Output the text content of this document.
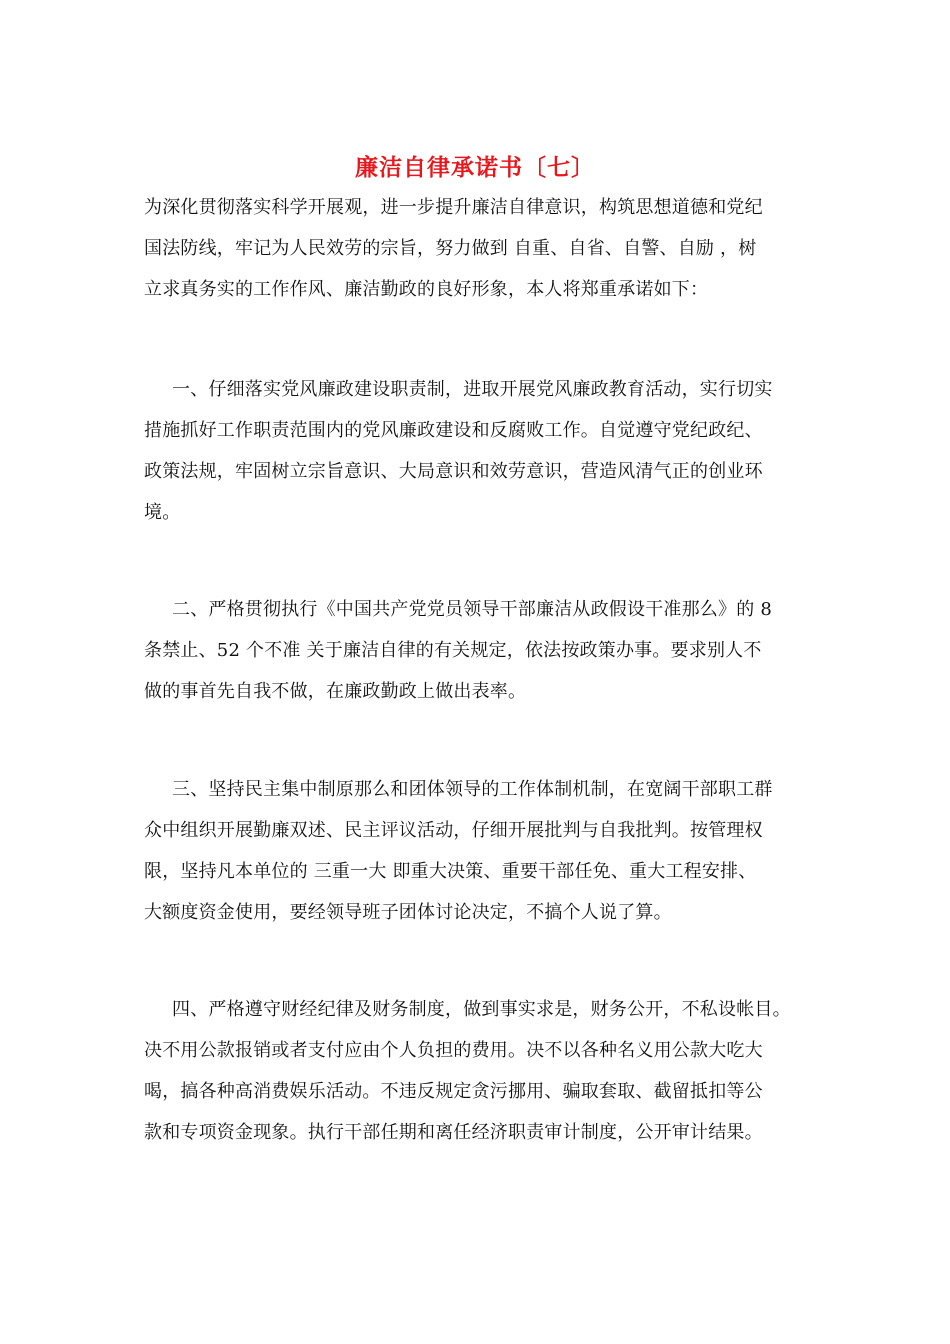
廉洁自律承诺书〔七〕
为深化贯彻落实科学开展观，进一步提升廉洁自律意识，构筑思想道德和党纪
国法防线，牢记为人民效劳的宗旨，努力做到 自重、自省、自警、自励 ，树
立求真务实的工作作风、廉洁勤政的良好形象，本人将郑重承诺如下：
一、仔细落实党风廉政建设职责制，进取开展党风廉政教育活动，实行切实
措施抓好工作职责范围内的党风廉政建设和反腐败工作。自觉遵守党纪政纪、
政策法规，牢固树立宗旨意识、大局意识和效劳意识，营造风清气正的创业环
境。
二、严格贯彻执行《中国共产党党员领导干部廉洁从政假设干准那么》的 8
条禁止、52 个不准 关于廉洁自律的有关规定，依法按政策办事。要求别人不
做的事首先自我不做，在廉政勤政上做出表率。
三、坚持民主集中制原那么和团体领导的工作体制机制，在宽阔干部职工群
众中组织开展勤廉双述、民主评议活动，仔细开展批判与自我批判。按管理权
限，坚持凡本单位的 三重一大 即重大决策、重要干部任免、重大工程安排、
大额度资金使用，要经领导班子团体讨论决定，不搞个人说了算。
四、严格遵守财经纪律及财务制度，做到事实求是，财务公开，不私设帐目。
决不用公款报销或者支付应由个人负担的费用。决不以各种名义用公款大吃大
喝，搞各种高消费娱乐活动。不违反规定贪污挪用、骗取套取、截留抵扣等公
款和专项资金现象。执行干部任期和离任经济职责审计制度，公开审计结果。
